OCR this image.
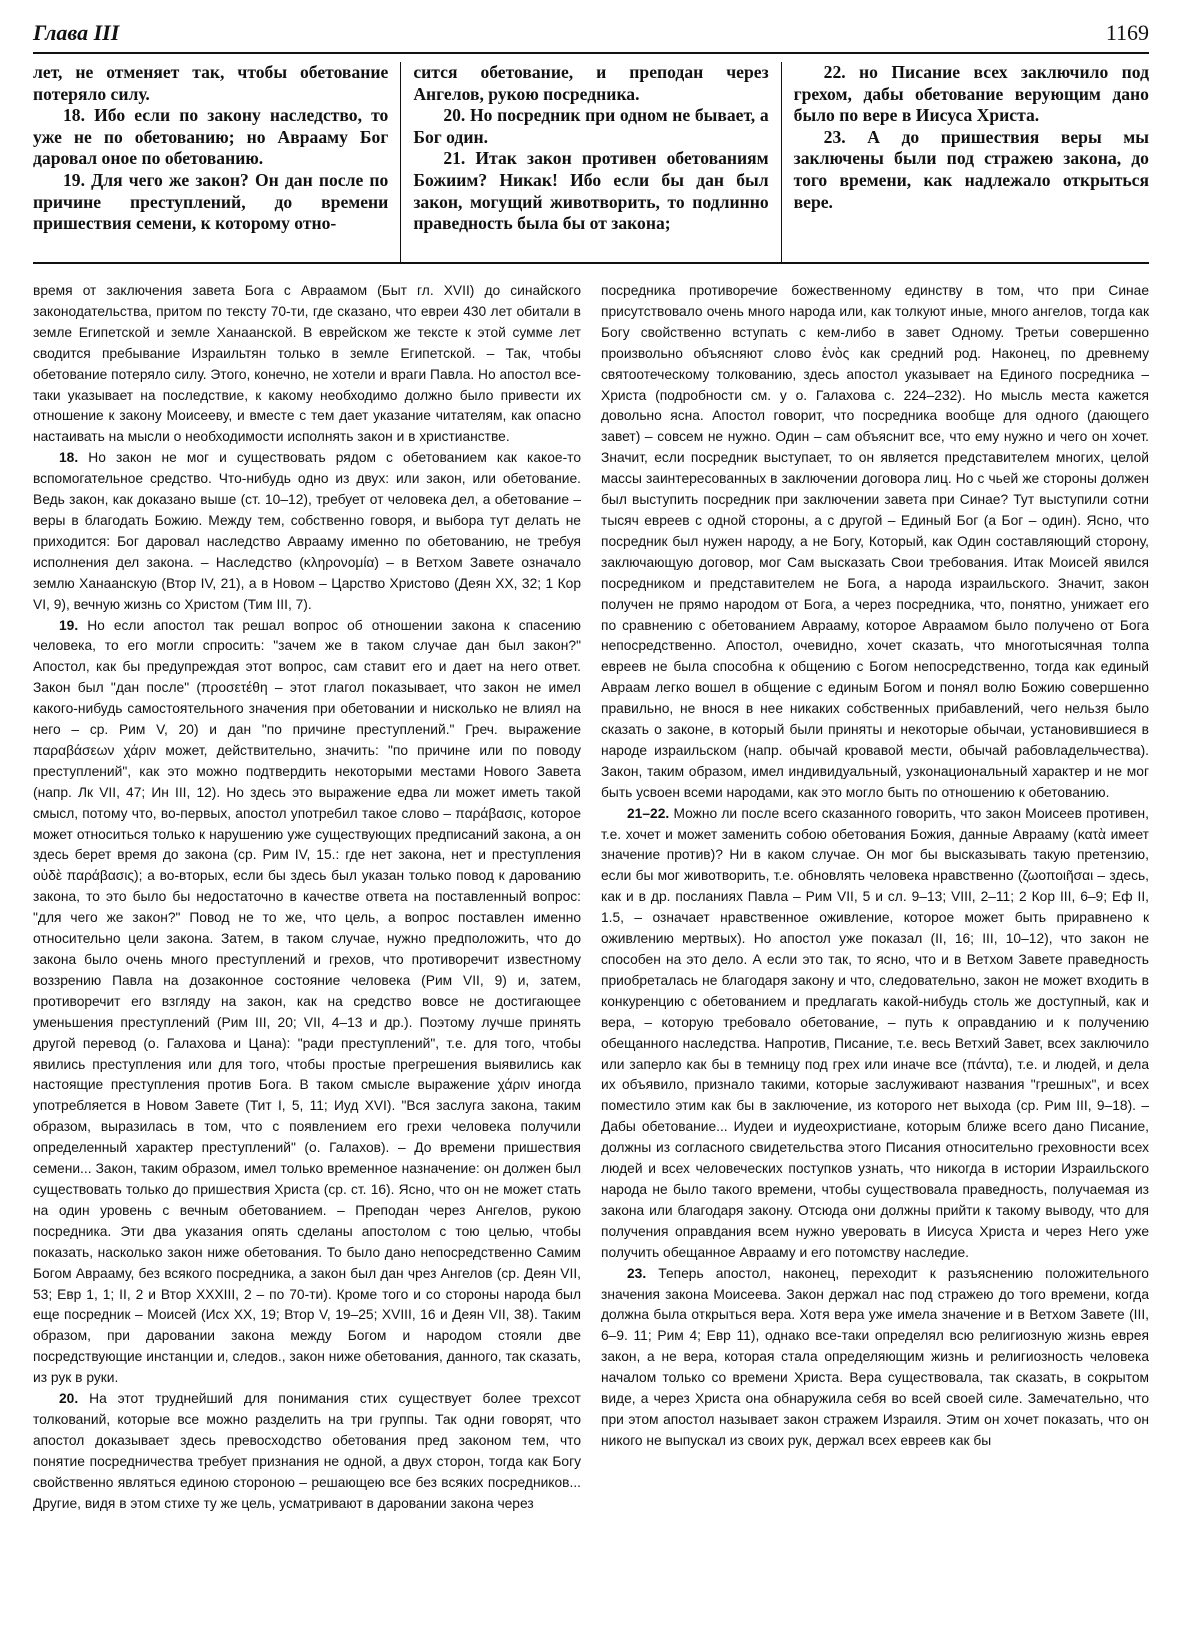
Глава III	1169

лет, не отменяет так, чтобы обетование потеряло силу.

18. Ибо если по закону наследство, то уже не по обетованию; но Аврааму Бог даровал оное по обетованию.

19. Для чего же закон? Он дан после по причине преступлений, до времени пришествия семени, к которому отно-

сится обетование, и преподан через Ангелов, рукою посредника.

20. Но посредник при одном не бывает, а Бог один.

21. Итак закон противен обетованиям Божиим? Никак! Ибо если бы дан был закон, могущий животворить, то подлинно праведность была бы от закона;

22. но Писание всех заключило под грехом, дабы обетование верующим дано было по вере в Иисуса Христа.

23. А до пришествия веры мы заключены были под стражею закона, до того времени, как надлежало открыться вере.

время от заключения завета Бога с Авраамом (Быт гл. XVII) до синайского законодательства, притом по тексту 70-ти, где сказано, что евреи 430 лет обитали в земле Египетской и земле Ханаанской. В еврейском же тексте к этой сумме лет сводится пребывание Израильтян только в земле Египетской. – Так, чтобы обетование потеряло силу. Этого, конечно, не хотели и враги Павла. Но апостол все-таки указывает на последствие, к какому необходимо должно было привести их отношение к закону Моисееву, и вместе с тем дает указание читателям, как опасно настаивать на мысли о необходимости исполнять закон и в христианстве.

18. Но закон не мог и существовать рядом с обетованием как какое-то вспомогательное средство. Что-нибудь одно из двух: или закон, или обетование. Ведь закон, как доказано выше (ст. 10–12), требует от человека дел, а обетование – веры в благодать Божию. Между тем, собственно говоря, и выбора тут делать не приходится: Бог даровал наследство Аврааму именно по обетованию, не требуя исполнения дел закона. – Наследство (κληρονομία) – в Ветхом Завете означало землю Ханаанскую (Втор IV, 21), а в Новом – Царство Христово (Деян XX, 32; 1 Кор VI, 9), вечную жизнь со Христом (Тим III, 7).

19. Но если апостол так решал вопрос об отношении закона к спасению человека, то его могли спросить: "зачем же в таком случае дан был закон?" Апостол, как бы предупреждая этот вопрос, сам ставит его и дает на него ответ. Закон был "дан после" (προσετέθη – этот глагол показывает, что закон не имел какого-нибудь самостоятельного значения при обетовании и нисколько не влиял на него – ср. Рим V, 20) и дан "по причине преступлений." Греч. выражение παραβάσεων χάριν может, действительно, значить: "по причине или по поводу преступлений", как это можно подтвердить некоторыми местами Нового Завета (напр. Лк VII, 47; Ин III, 12). Но здесь это выражение едва ли может иметь такой смысл, потому что, во-первых, апостол употребил такое слово – παράβασις, которое может относиться только к нарушению уже существующих предписаний закона, а он здесь берет время до закона (ср. Рим IV, 15.: где нет закона, нет и преступления οὐδὲ παράβασις); а во-вторых, если бы здесь был указан только повод к дарованию закона, то это было бы недостаточно в качестве ответа на поставленный вопрос: "для чего же закон?" Повод не то же, что цель, а вопрос поставлен именно относительно цели закона. Затем, в таком случае, нужно предположить, что до закона было очень много преступлений и грехов, что противоречит известному воззрению Павла на дозаконное состояние человека (Рим VII, 9) и, затем, противоречит его взгляду на закон, как на средство вовсе не достигающее уменьшения преступлений (Рим III, 20; VII, 4–13 и др.). Поэтому лучше принять другой перевод (о. Галахова и Цана): "ради преступлений", т.е. для того, чтобы явились преступления или для того, чтобы простые прегрешения выявились как настоящие преступления против Бога. В таком смысле выражение χάριν иногда употребляется в Новом Завете (Тит I, 5, 11; Иуд XVI). "Вся заслуга закона, таким образом, выразилась в том, что с появлением его грехи человека получили определенный характер преступлений" (о. Галахов). – До времени пришествия семени... Закон, таким образом, имел только временное назначение: он должен был существовать только до пришествия Христа (ср. ст. 16). Ясно, что он не может стать на один уровень с вечным обетованием. – Преподан через Ангелов, рукою посредника. Эти два указания опять сделаны апостолом с тою целью, чтобы показать, насколько закон ниже обетования. То было дано непосредственно Самим Богом Аврааму, без всякого посредника, а закон был дан чрез Ангелов (ср. Деян VII, 53; Евр 1, 1; II, 2 и Втор XXXIII, 2 – по 70-ти). Кроме того и со стороны народа был еще посредник – Моисей (Исх XX, 19; Втор V, 19–25; XVIII, 16 и Деян VII, 38). Таким образом, при даровании закона между Богом и народом стояли две посредствующие инстанции и, следов., закон ниже обетования, данного, так сказать, из рук в руки.

20. На этот труднейший для понимания стих существует более трехсот толкований, которые все можно разделить на три группы. Так одни говорят, что апостол доказывает здесь превосходство обетования пред законом тем, что понятие посредничества требует признания не одной, а двух сторон, тогда как Богу свойственно являться единою стороною – решающею все без всяких посредников... Другие, видя в этом стихе ту же цель, усматривают в даровании закона через

посредника противоречие божественному единству в том, что при Синае присутствовало очень много народа или, как толкуют иные, много ангелов, тогда как Богу свойственно вступать с кем-либо в завет Одному. Третьи совершенно произвольно объясняют слово ἑνὸς как средний род. Наконец, по древнему святоотеческому толкованию, здесь апостол указывает на Единого посредника – Христа (подробности см. у о. Галахова с. 224–232). Но мысль места кажется довольно ясна. Апостол говорит, что посредника вообще для одного (дающего завет) – совсем не нужно. Один – сам объяснит все, что ему нужно и чего он хочет. Значит, если посредник выступает, то он является представителем многих, целой массы заинтересованных в заключении договора лиц. Но с чьей же стороны должен был выступить посредник при заключении завета при Синае? Тут выступили сотни тысяч евреев с одной стороны, а с другой – Единый Бог (а Бог – один). Ясно, что посредник был нужен народу, а не Богу, Который, как Один составляющий сторону, заключающую договор, мог Сам высказать Свои требования. Итак Моисей явился посредником и представителем не Бога, а народа израильского. Значит, закон получен не прямо народом от Бога, а через посредника, что, понятно, унижает его по сравнению с обетованием Аврааму, которое Авраамом было получено от Бога непосредственно. Апостол, очевидно, хочет сказать, что многотысячная толпа евреев не была способна к общению с Богом непосредственно, тогда как единый Авраам легко вошел в общение с единым Богом и понял волю Божию совершенно правильно, не внося в нее никаких собственных прибавлений, чего нельзя было сказать о законе, в который были приняты и некоторые обычаи, установившиеся в народе израильском (напр. обычай кровавой мести, обычай рабовладельчества). Закон, таким образом, имел индивидуальный, узконациональный характер и не мог быть усвоен всеми народами, как это могло быть по отношению к обетованию.

21–22. Можно ли после всего сказанного говорить, что закон Моисеев противен, т.е. хочет и может заменить собою обетования Божия, данные Аврааму (κατὰ имеет значение против)? Ни в каком случае. Он мог бы высказывать такую претензию, если бы мог животворить, т.е. обновлять человека нравственно (ζωοποιῆσαι – здесь, как и в др. посланиях Павла – Рим VII, 5 и сл. 9–13; VIII, 2–11; 2 Кор III, 6–9; Еф II, 1.5, – означает нравственное оживление, которое может быть приравнено к оживлению мертвых). Но апостол уже показал (II, 16; III, 10–12), что закон не способен на это дело. А если это так, то ясно, что и в Ветхом Завете праведность приобреталась не благодаря закону и что, следовательно, закон не может входить в конкуренцию с обетованием и предлагать какой-нибудь столь же доступный, как и вера, – которую требовало обетование, – путь к оправданию и к получению обещанного наследства. Напротив, Писание, т.е. весь Ветхий Завет, всех заключило или заперло как бы в темницу под грех или иначе все (πάντα), т.е. и людей, и дела их объявило, признало такими, которые заслуживают названия "грешных", и всех поместило этим как бы в заключение, из которого нет выхода (ср. Рим III, 9–18). – Дабы обетование... Иудеи и иудеохристиане, которым ближе всего дано Писание, должны из согласного свидетельства этого Писания относительно греховности всех людей и всех человеческих поступков узнать, что никогда в истории Израильского народа не было такого времени, чтобы существовала праведность, получаемая из закона или благодаря закону. Отсюда они должны прийти к такому выводу, что для получения оправдания всем нужно уверовать в Иисуса Христа и через Него уже получить обещанное Аврааму и его потомству наследие.

23. Теперь апостол, наконец, переходит к разъяснению положительного значения закона Моисеева. Закон держал нас под стражею до того времени, когда должна была открыться вера. Хотя вера уже имела значение и в Ветхом Завете (III, 6–9. 11; Рим 4; Евр 11), однако все-таки определял всю религиозную жизнь еврея закон, а не вера, которая стала определяющим жизнь и религиозность человека началом только со времени Христа. Вера существовала, так сказать, в сокрытом виде, а через Христа она обнаружила себя во всей своей силе. Замечательно, что при этом апостол называет закон стражем Израиля. Этим он хочет показать, что он никого не выпускал из своих рук, держал всех евреев как бы
